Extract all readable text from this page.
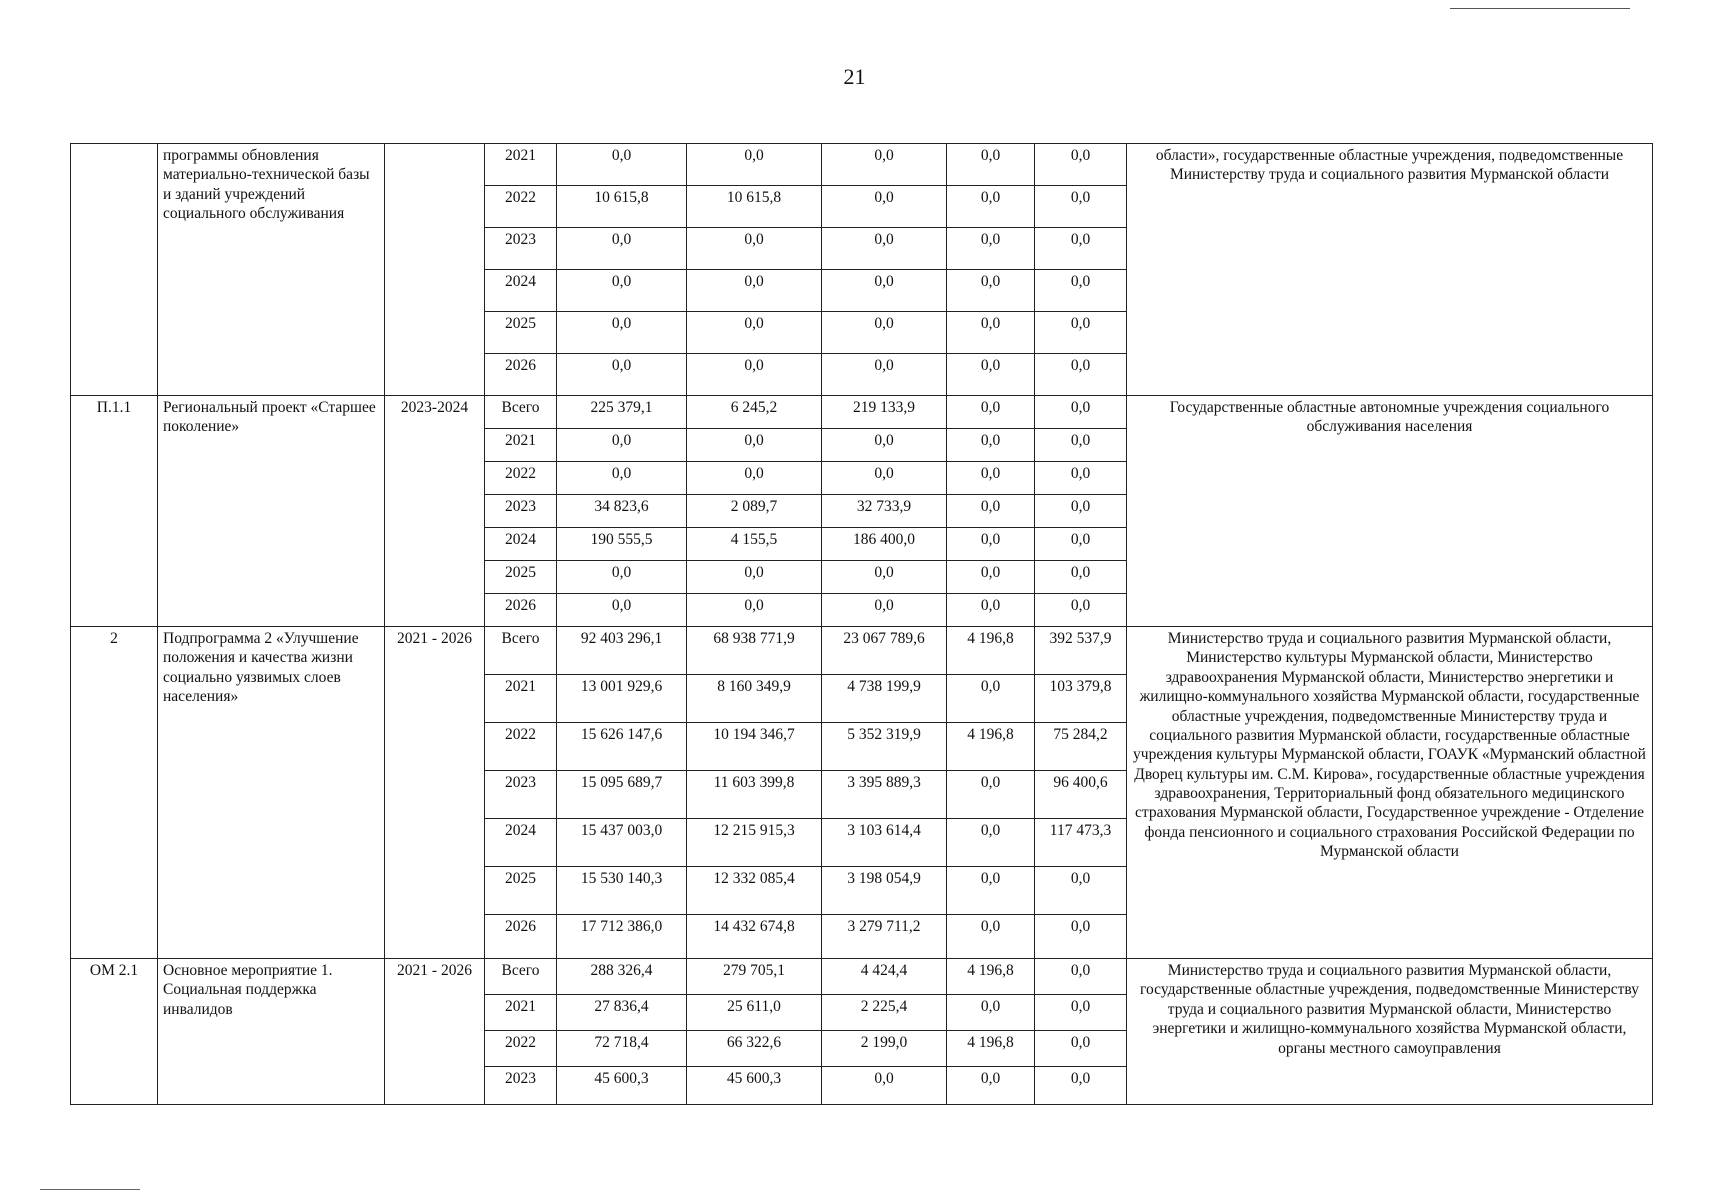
21
	программы обновления материально-технической базы и зданий учреждений социального обслуживания		2021	0,0	0,0	0,0	0,0	0,0	области», государственные областные учреждения, подведомственные Министерству труда и социального развития Мурманской области
			2022	10 615,8	10 615,8	0,0	0,0	0,0	
			2023	0,0	0,0	0,0	0,0	0,0	
			2024	0,0	0,0	0,0	0,0	0,0	
			2025	0,0	0,0	0,0	0,0	0,0	
			2026	0,0	0,0	0,0	0,0	0,0	
П.1.1	Региональный проект «Старшее поколение»	2023-2024	Всего	225 379,1	6 245,2	219 133,9	0,0	0,0	Государственные областные автономные учреждения социального обслуживания населения
			2021	0,0	0,0	0,0	0,0	0,0	
			2022	0,0	0,0	0,0	0,0	0,0	
			2023	34 823,6	2 089,7	32 733,9	0,0	0,0	
			2024	190 555,5	4 155,5	186 400,0	0,0	0,0	
			2025	0,0	0,0	0,0	0,0	0,0	
			2026	0,0	0,0	0,0	0,0	0,0	
2	Подпрограмма 2 «Улучшение положения и качества жизни социально уязвимых слоев населения»	2021 - 2026	Всего	92 403 296,1	68 938 771,9	23 067 789,6	4 196,8	392 537,9	Министерство труда и социального развития Мурманской области, Министерство культуры Мурманской области, Министерство здравоохранения Мурманской области, Министерство энергетики и жилищно-коммунального хозяйства Мурманской области, государственные областные учреждения, подведомственные Министерству труда и социального развития Мурманской области, государственные областные учреждения культуры Мурманской области, ГОАУК «Мурманский областной Дворец культуры им. С.М. Кирова», государственные областные учреждения здравоохранения, Территориальный фонд обязательного медицинского страхования Мурманской области, Государственное учреждение - Отделение фонда пенсионного и социального страхования Российской Федерации по Мурманской области
			2021	13 001 929,6	8 160 349,9	4 738 199,9	0,0	103 379,8	
			2022	15 626 147,6	10 194 346,7	5 352 319,9	4 196,8	75 284,2	
			2023	15 095 689,7	11 603 399,8	3 395 889,3	0,0	96 400,6	
			2024	15 437 003,0	12 215 915,3	3 103 614,4	0,0	117 473,3	
			2025	15 530 140,3	12 332 085,4	3 198 054,9	0,0	0,0	
			2026	17 712 386,0	14 432 674,8	3 279 711,2	0,0	0,0	
ОМ 2.1	Основное мероприятие 1. Социальная поддержка инвалидов	2021 - 2026	Всего	288 326,4	279 705,1	4 424,4	4 196,8	0,0	Министерство труда и социального развития Мурманской области, государственные областные учреждения, подведомственные Министерству труда и социального развития Мурманской области, Министерство энергетики и жилищно-коммунального хозяйства Мурманской области, органы местного самоуправления
			2021	27 836,4	25 611,0	2 225,4	0,0	0,0	
			2022	72 718,4	66 322,6	2 199,0	4 196,8	0,0	
			2023	45 600,3	45 600,3	0,0	0,0	0,0	
